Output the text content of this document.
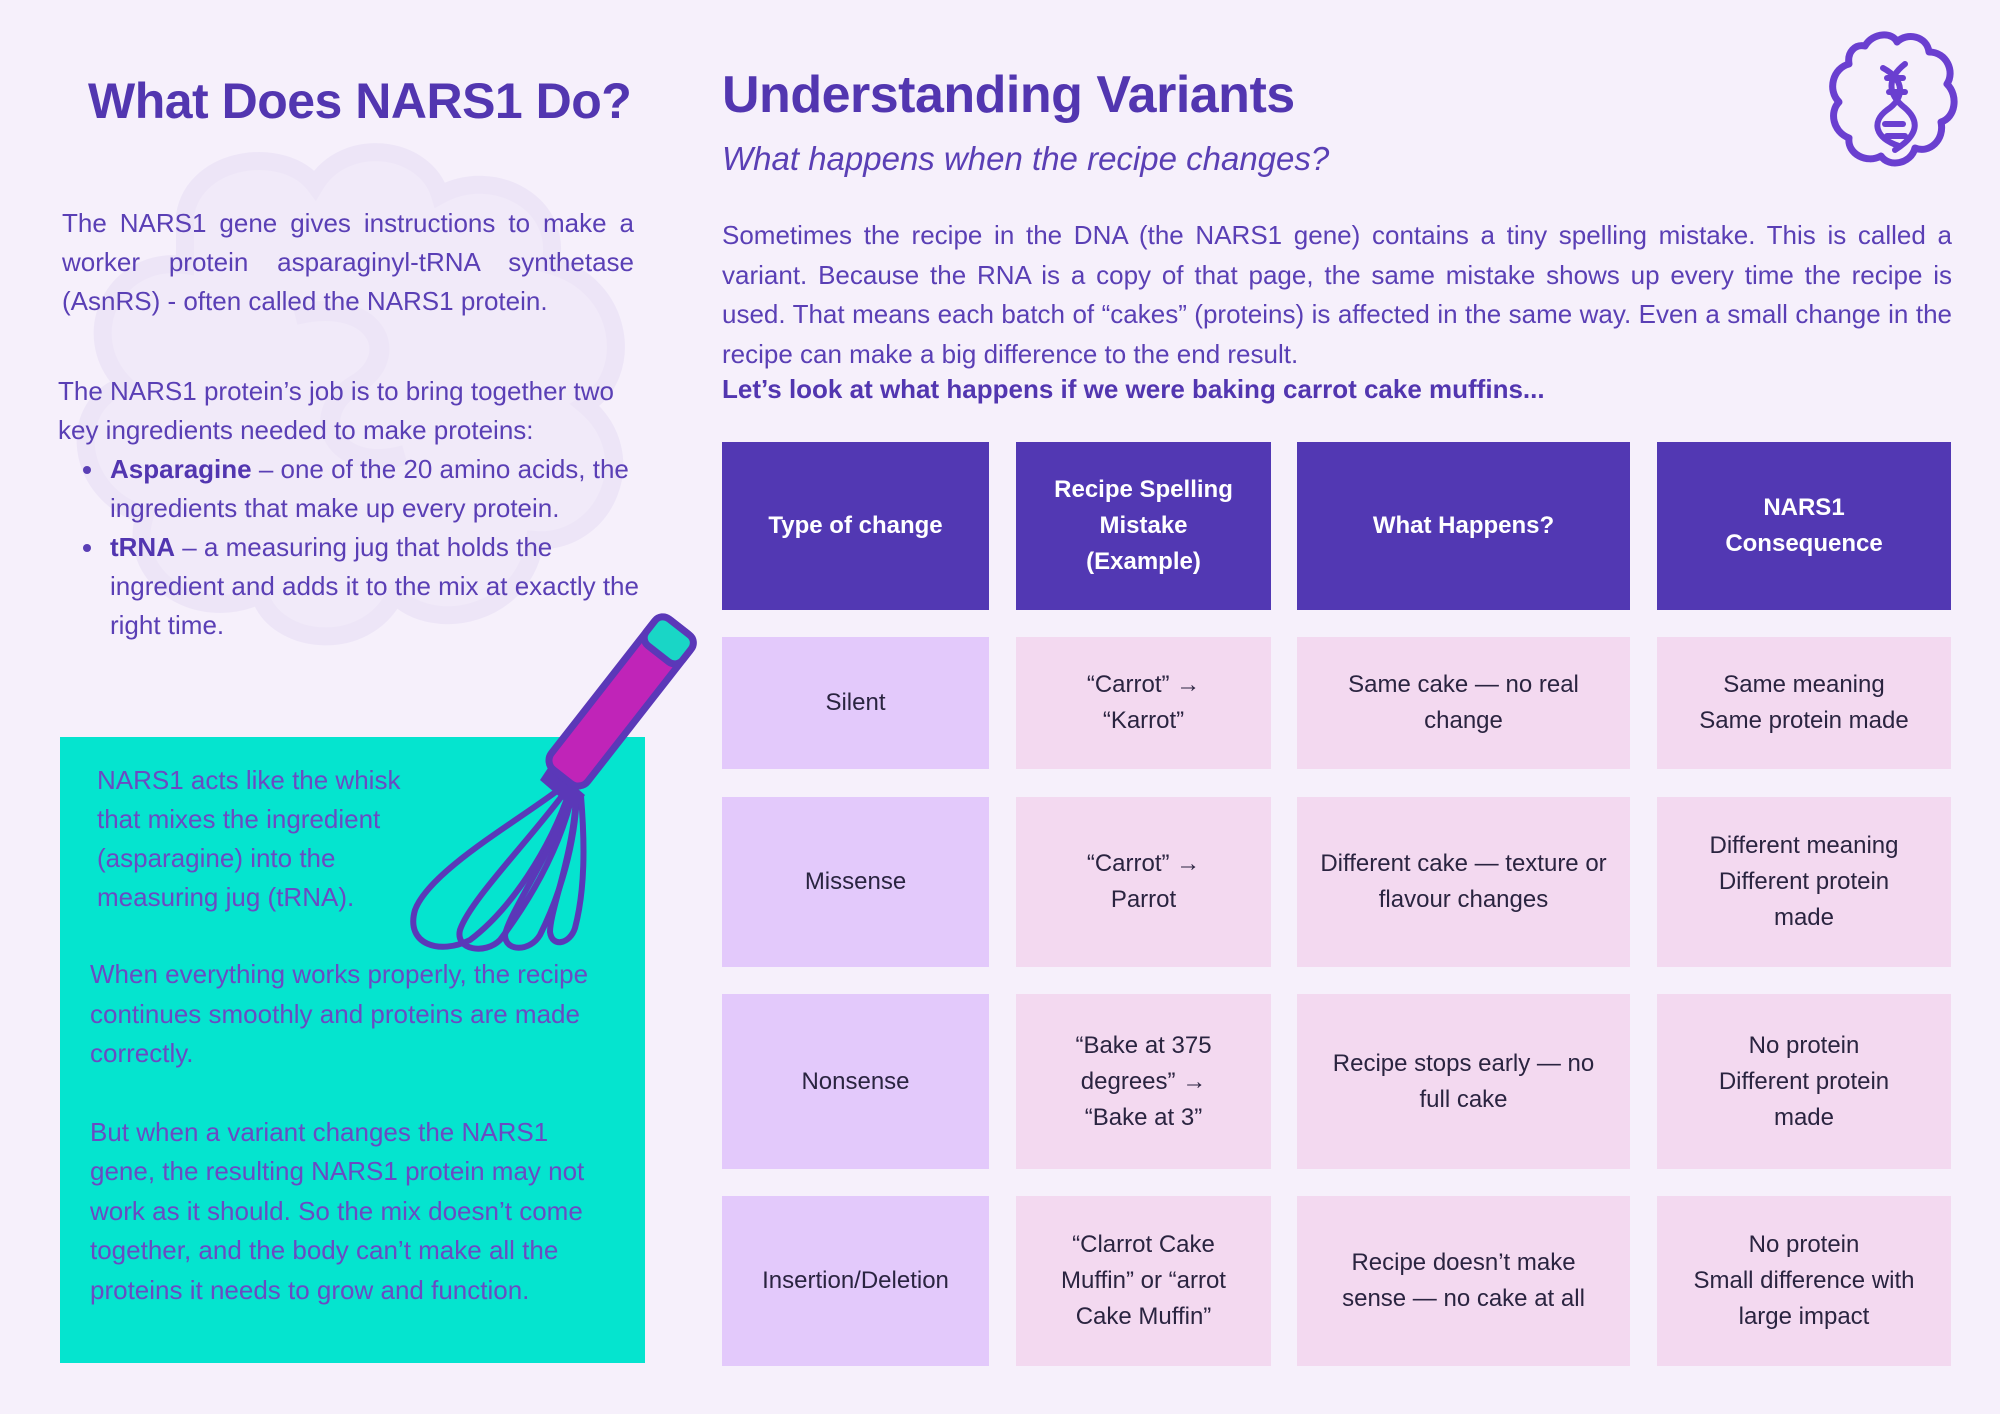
What Does NARS1 Do?
The NARS1 gene gives instructions to make a worker protein asparaginyl-tRNA synthetase (AsnRS) - often called the NARS1 protein.
The NARS1 protein’s job is to bring together two key ingredients needed to make proteins:
• Asparagine – one of the 20 amino acids, the ingredients that make up every protein.
• tRNA – a measuring jug that holds the ingredient and adds it to the mix at exactly the right time.
NARS1 acts like the whisk that mixes the ingredient (asparagine) into the measuring jug (tRNA).

When everything works properly, the recipe continues smoothly and proteins are made correctly.

But when a variant changes the NARS1 gene, the resulting NARS1 protein may not work as it should. So the mix doesn’t come together, and the body can’t make all the proteins it needs to grow and function.

Understanding Variants
What happens when the recipe changes?
Sometimes the recipe in the DNA (the NARS1 gene) contains a tiny spelling mistake. This is called a variant. Because the RNA is a copy of that page, the same mistake shows up every time the recipe is used. That means each batch of “cakes” (proteins) is affected in the same way. Even a small change in the recipe can make a big difference to the end result.
Let’s look at what happens if we were baking carrot cake muffins...
Type of change
Recipe Spelling
Mistake
(Example)
What Happens?
NARS1
Consequence
Silent
“Carrot” →
“Karrot”
Same cake — no real change
Same meaning
Same protein made
Missense
“Carrot” →
Parrot
Different cake — texture or flavour changes
Different meaning
Different protein
made
Nonsense
“Bake at 375
degrees” →
“Bake at 3”
Recipe stops early — no full cake
No protein
Different protein
made
Insertion/Deletion
“Clarrot Cake
Muffin” or “arrot
Cake Muffin”
Recipe doesn’t make sense — no cake at all
No protein
Small difference with
large impact
